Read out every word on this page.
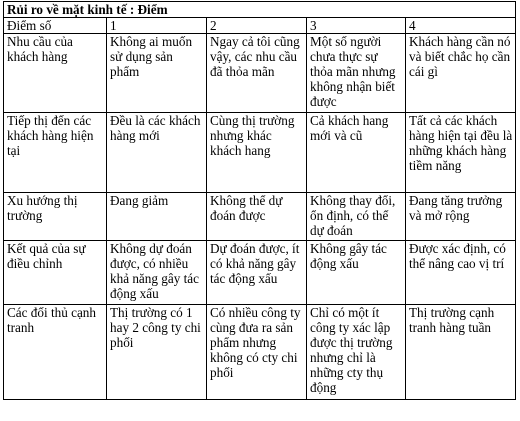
Rủi ro về mặt kinh tế : Điểm				
Điểm số	1	2	3	4
Nhu cầu của khách hàng	Không ai muốn sử dụng sản phẩm	Ngay cả tôi cũng vậy, các nhu cầu đã thỏa mãn	Một số người chưa thực sự thỏa mãn nhưng không nhận biết được	Khách hàng cần nó và biết chắc họ cần cái gì
Tiếp thị đến các khách hàng hiện tại	Đều là các khách hàng mới	Cùng thị trường nhưng khác khách hang	Cả khách hang mới và cũ	Tất cả các khách hàng hiện tại đều là những khách hàng tiềm năng
Xu hướng thị trường	Đang giảm	Không thể dự đoán được	Không thay đổi, ổn định, có thể dự đoán	Đang tăng trưởng và mở rộng
Kết quả của sự điều chỉnh	Không dự đoán được, có nhiều khả năng gây tác động xấu	Dự đoán được, ít có khả năng gây tác động xấu	Không gây tác động xấu	Được xác định, có thể nâng cao vị trí
Các đối thủ cạnh tranh	Thị trường có 1 hay 2 công ty chi phối	Có nhiều công ty cùng đưa ra sản phẩm nhưng không có cty chi phối	Chỉ có một ít công ty xác lập được thị trường nhưng chỉ là những cty thụ động	Thị trường cạnh tranh hàng tuần
